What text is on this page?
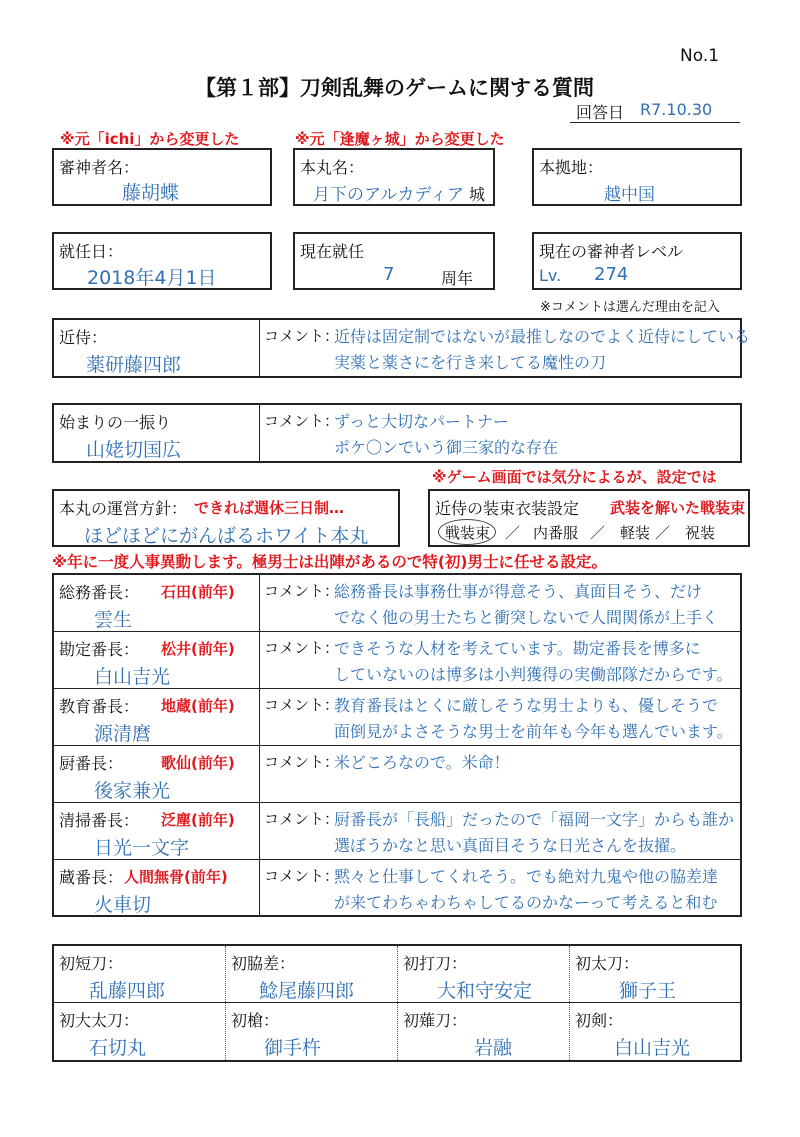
No.1
【第１部】刀剣乱舞のゲームに関する質問
回答日 R7.10.30
※元「ichi」から変更した	※元「逢魔ヶ城」から変更した
審神者名：
藤胡蝶
本丸名：
月下のアルカディア 城
本拠地：
越中国
就任日：
2018年4月1日
現在就任
7	周年
現在の審神者レベル
Lv. 274
※コメントは選んだ理由を記入
近侍：
薬研藤四郎
コメント：
近侍は固定制ではないが最推しなのでよく近侍にしている
実薬と薬さにを行き来してる魔性の刀
始まりの一振り
山姥切国広
コメント：
ずっと大切なパートナー
ポケ〇ンでいう御三家的な存在
※ゲーム画面では気分によるが、設定では
本丸の運営方針： できれば週休三日制…
ほどほどにがんばるホワイト本丸
近侍の装束衣装設定 武装を解いた戦装束
戦装束 ／ 内番服 ／ 軽装 ／ 祝装
※年に一度人事異動します。極男士は出陣があるので特(初)男士に任せる設定。
総務番長： 石田(前年)
雲生
コメント：
総務番長は事務仕事が得意そう、真面目そう、だけ
でなく他の男士たちと衝突しないで人間関係が上手く
勘定番長： 松井(前年)
白山吉光
コメント：
できそうな人材を考えています。勘定番長を博多に
していないのは博多は小判獲得の実働部隊だからです。
教育番長： 地蔵(前年)
源清麿
コメント：
教育番長はとくに厳しそうな男士よりも、優しそうで
面倒見がよさそうな男士を前年も今年も選んでいます。
厨番長：	歌仙(前年)
後家兼光
コメント：
米どころなので。米命！
清掃番長： 泛塵(前年)
日光一文字
コメント：
厨番長が「長船」だったので「福岡一文字」からも誰か
選ぼうかなと思い真面目そうな日光さんを抜擢。
蔵番長： 人間無骨(前年)
火車切
コメント：
黙々と仕事してくれそう。でも絶対九鬼や他の脇差達
が来てわちゃわちゃしてるのかなーって考えると和む
初短刀：
乱藤四郎
初脇差：
鯰尾藤四郎
初打刀：
大和守安定
初太刀：
獅子王
初大太刀：
石切丸
初槍：
御手杵
初薙刀：
岩融
初剣：
白山吉光
